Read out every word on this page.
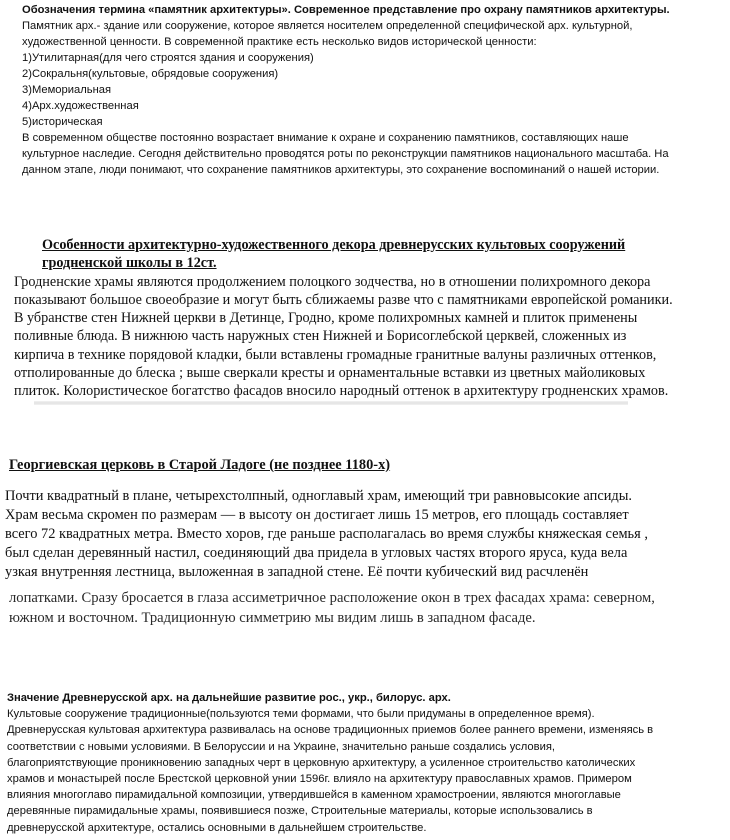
Обозначения термина «памятник архитектуры». Современное представление про охрану памятников архитектуры.

Памятник арх.- здание или сооружение, которое является носителем определенной специфической арх. культурной,

художественной ценности. В современной практике есть несколько видов исторической ценности:

1)Утилитарная(для чего строятся здания и сооружения)

2)Сокральня(культовые, обрядовые сооружения)

3)Мемориальная

4)Арх.художественная

5)историческая

В современном обществе постоянно возрастает внимание к охране и сохранению памятников, составляющих наше

культурное наследие. Сегодня действительно проводятся роты по реконструкции памятников национального масштаба. На

данном этапе, люди понимают, что сохранение памятников архитектуры, это сохранение воспоминаний о нашей истории.

Особенности архитектурно-художественного декора древнерусских культовых сооружений

гродненской школы в 12ст.

Гродненские храмы являются продолжением полоцкого зодчества, но в отношении полихромного декора

показывают большое своеобразие и могут быть сближаемы разве что с памятниками европейской романики.

В убранстве стен Нижней церкви в Детинце, Гродно, кроме полихромных камней и плиток применены

поливные блюда. В нижнюю часть наружных стен Нижней и Борисоглебской церквей, сложенных из

кирпича в технике порядовой кладки, были вставлены громадные гранитные валуны различных оттенков,

отполированные до блеска ; выше сверкали кресты и орнаментальные вставки из цветных майоликовых

плиток. Колористическое богатство фасадов вносило народный оттенок в архитектуру гродненских храмов.

Георгиевская церковь в Старой Ладоге (не позднее 1180-х)

Почти квадратный в плане, четырехстолпный, одноглавый храм, имеющий три равновысокие апсиды.

Храм весьма скромен по размерам — в высоту он достигает лишь 15 метров, его площадь составляет

всего 72 квадратных метра. Вместо хоров, где раньше располагалась во время службы княжеская семья ,

был сделан деревянный настил, соединяющий два придела в угловых частях второго яруса, куда вела

узкая внутренняя лестница, выложенная в западной стене. Её почти кубический вид расчленён

лопатками. Сразу бросается в глаза ассиметричное расположение окон в трех фасадах храма: северном,

южном и восточном. Традиционную симметрию мы видим лишь в западном фасаде.

Значение Древнерусской арх. на дальнейшие развитие рос., укр., билорус. арх.

Культовые сооружение традиционные(пользуются теми формами, что были придуманы в определенное время).

Древнерусская культовая архитектура развивалась на основе традиционных приемов более раннего времени, изменяясь в

соответствии с новыми условиями. В Белоруссии и на Украине, значительно раньше создались условия,

благоприятствующие проникновению западных черт в церковную архитектуру, а усиленное строительство католических

храмов и монастырей после Брестской церковной унии 1596г. влияло на архитектуру православных храмов. Примером

влияния многоглаво пирамидальной композиции, утвердившейся в каменном храмостроении, являются многоглавые

деревянные пирамидальные храмы, появившиеся позже, Строительные материалы, которые использовались в

древнерусской архитектуре, остались основными в дальнейшем строительстве.
